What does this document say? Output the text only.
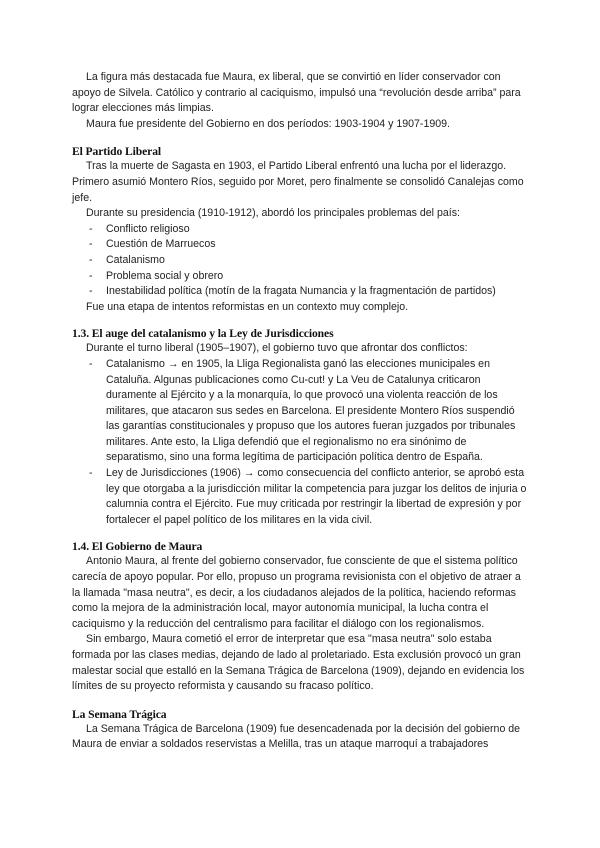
La figura más destacada fue Maura, ex liberal, que se convirtió en líder conservador con apoyo de Silvela. Católico y contrario al caciquismo, impulsó una “revolución desde arriba” para lograr elecciones más limpias.

Maura fue presidente del Gobierno en dos períodos: 1903-1904 y 1907-1909.

El Partido Liberal

Tras la muerte de Sagasta en 1903, el Partido Liberal enfrentó una lucha por el liderazgo. Primero asumió Montero Ríos, seguido por Moret, pero finalmente se consolidó Canalejas como jefe.

Durante su presidencia (1910-1912), abordó los principales problemas del país:

- Conflicto religioso
- Cuestión de Marruecos
- Catalanismo
- Problema social y obrero
- Inestabilidad política (motín de la fragata Numancia y la fragmentación de partidos)

Fue una etapa de intentos reformistas en un contexto muy complejo.

1.3. El auge del catalanismo y la Ley de Jurisdicciones

Durante el turno liberal (1905–1907), el gobierno tuvo que afrontar dos conflictos:

- Catalanismo → en 1905, la Lliga Regionalista ganó las elecciones municipales en Cataluña. Algunas publicaciones como Cu-cut! y La Veu de Catalunya criticaron duramente al Ejército y a la monarquía, lo que provocó una violenta reacción de los militares, que atacaron sus sedes en Barcelona. El presidente Montero Ríos suspendió las garantías constitucionales y propuso que los autores fueran juzgados por tribunales militares. Ante esto, la Lliga defendió que el regionalismo no era sinónimo de separatismo, sino una forma legítima de participación política dentro de España.
- Ley de Jurisdicciones (1906) → como consecuencia del conflicto anterior, se aprobó esta ley que otorgaba a la jurisdicción militar la competencia para juzgar los delitos de injuria o calumnia contra el Ejército. Fue muy criticada por restringir la libertad de expresión y por fortalecer el papel político de los militares en la vida civil.
1.4. El Gobierno de Maura

Antonio Maura, al frente del gobierno conservador, fue consciente de que el sistema político carecía de apoyo popular. Por ello, propuso un programa revisionista con el objetivo de atraer a la llamada "masa neutra", es decir, a los ciudadanos alejados de la política, haciendo reformas como la mejora de la administración local, mayor autonomía municipal, la lucha contra el caciquismo y la reducción del centralismo para facilitar el diálogo con los regionalismos.

Sin embargo, Maura cometió el error de interpretar que esa "masa neutra" solo estaba formada por las clases medias, dejando de lado al proletariado. Esta exclusión provocó un gran malestar social que estalló en la Semana Trágica de Barcelona (1909), dejando en evidencia los límites de su proyecto reformista y causando su fracaso político.

La Semana Trágica

La Semana Trágica de Barcelona (1909) fue desencadenada por la decisión del gobierno de Maura de enviar a soldados reservistas a Melilla, tras un ataque marroquí a trabajadores
